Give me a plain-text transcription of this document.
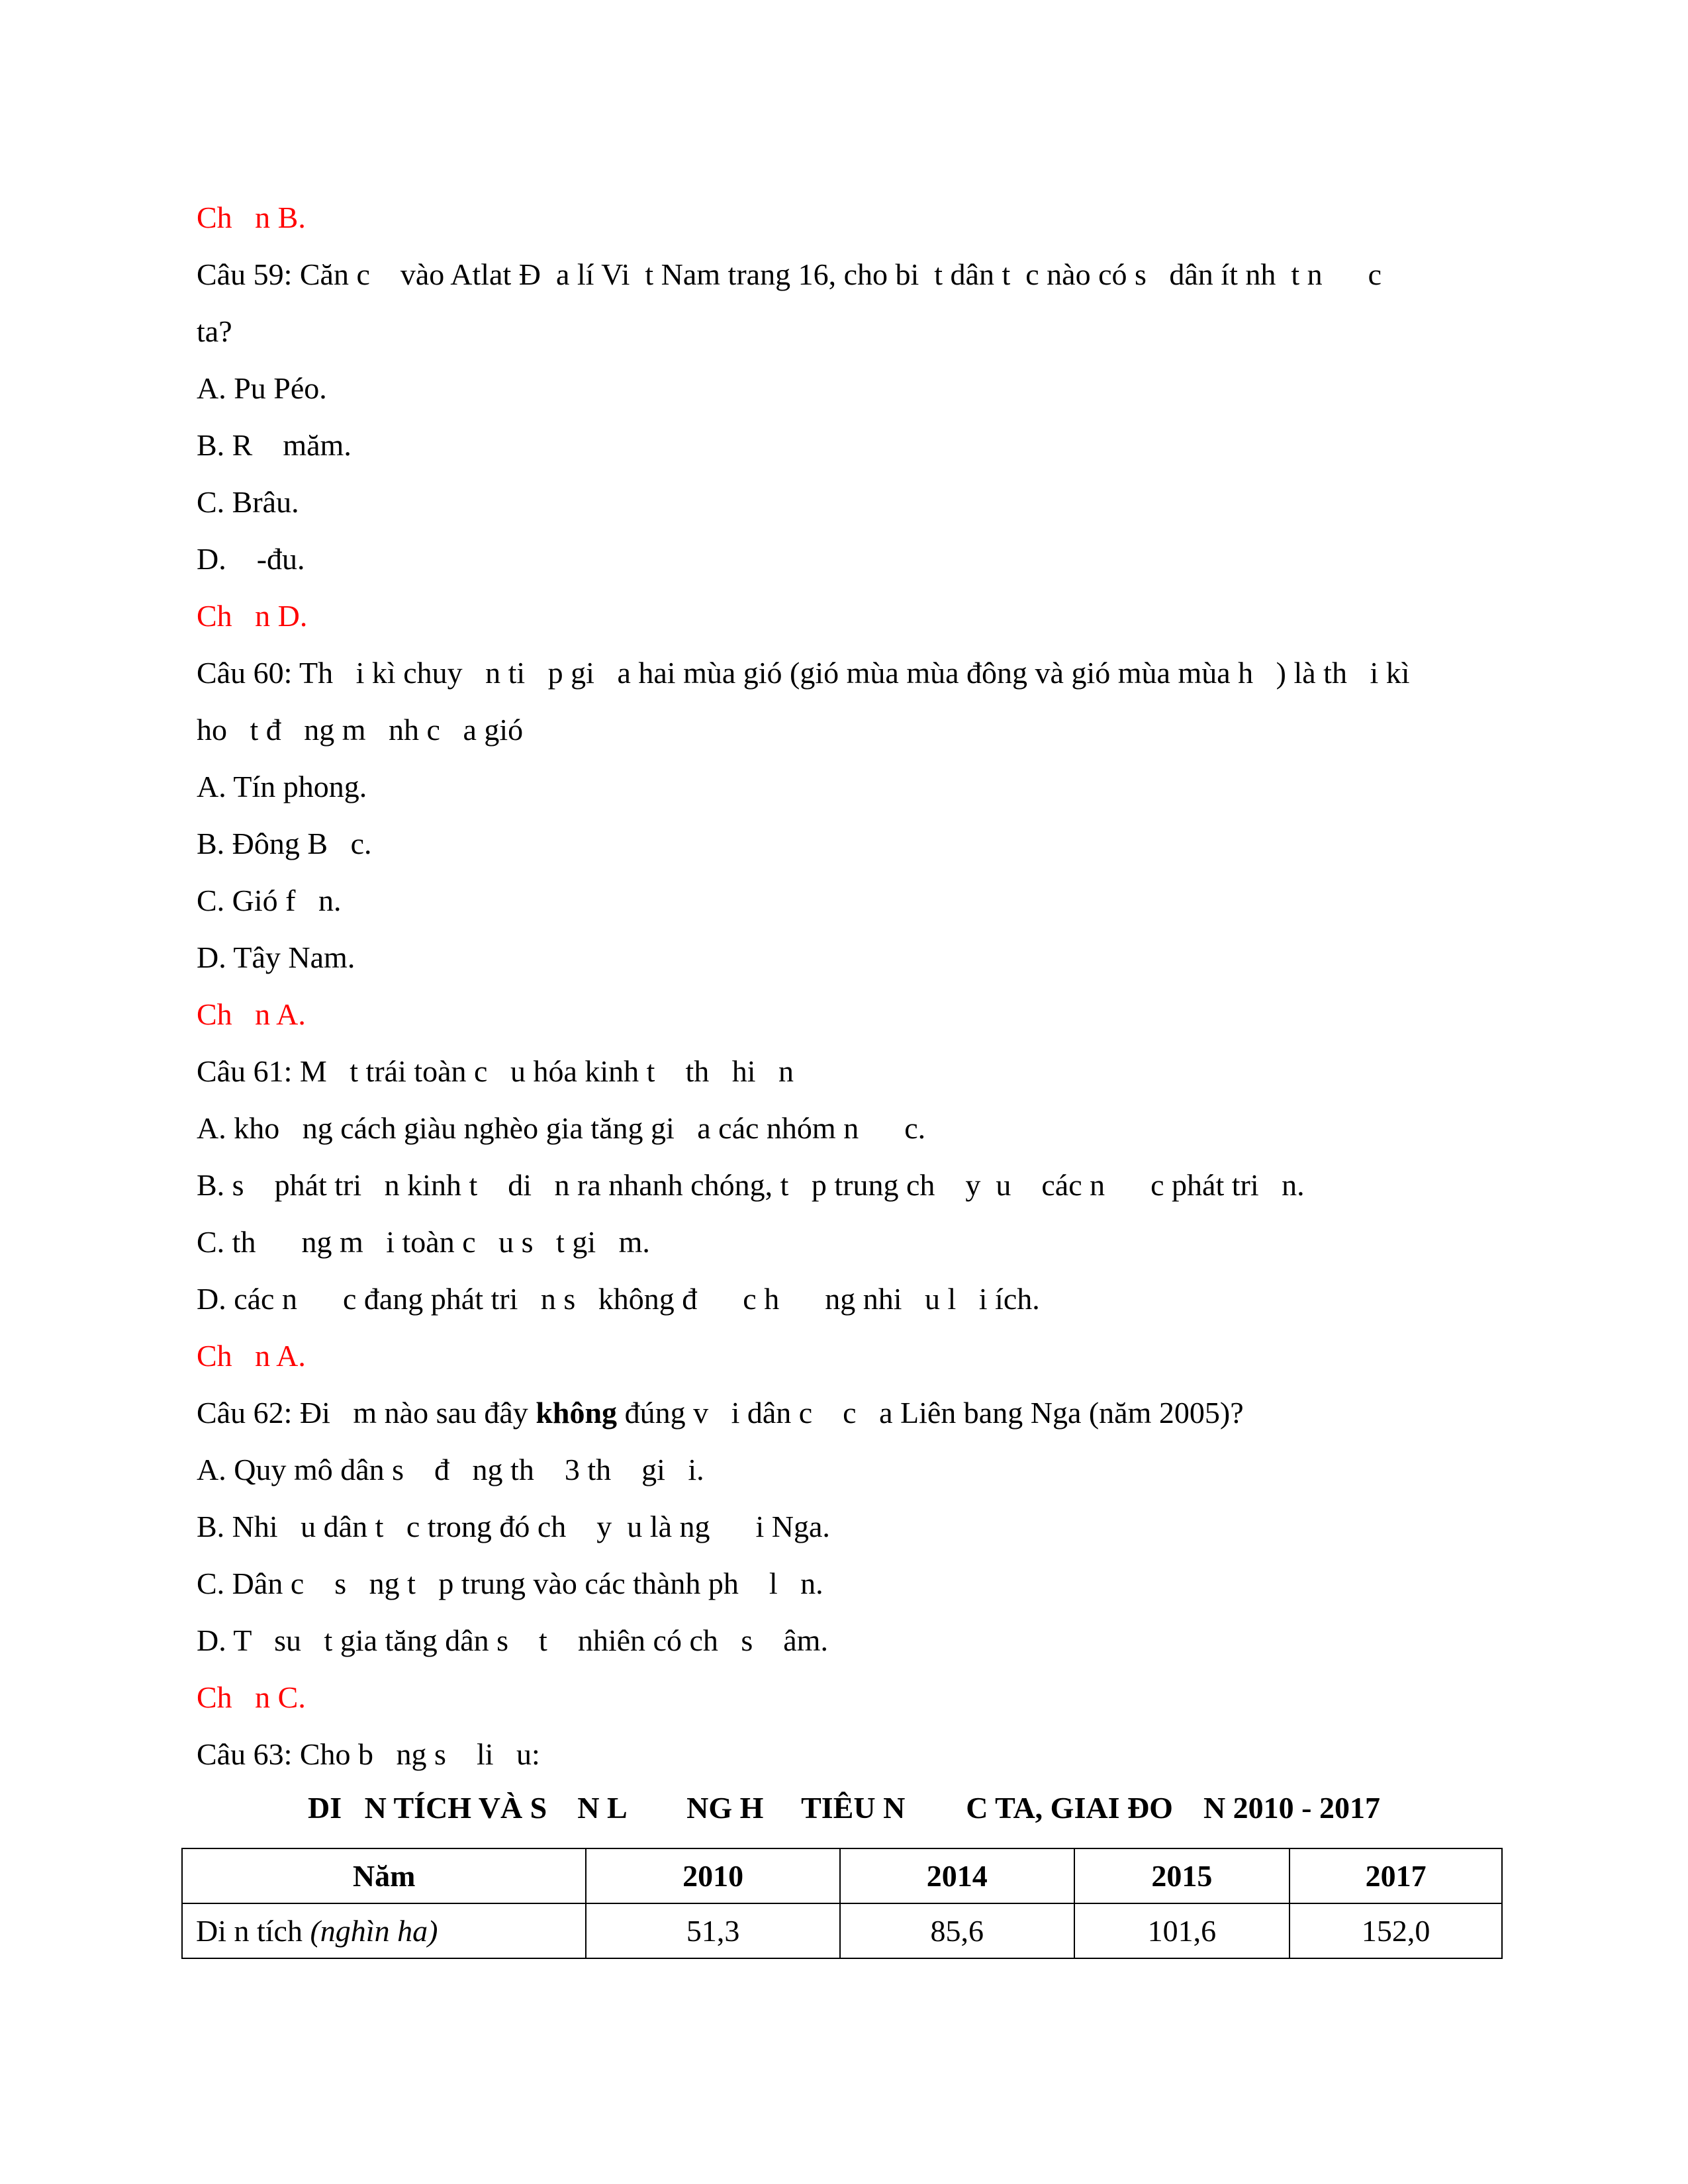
Ch   n B.
Câu 59: Căn c    vào Atlat Đ  a lí Vi  t Nam trang 16, cho bi  t dân t  c nào có s   dân ít nh  t n      c
ta?
A. Pu Péo.
B. R    măm.
C. Brâu.
D.    -đu.
Ch   n D.
Câu 60: Th   i kì chuy   n ti   p gi   a hai mùa gió (gió mùa mùa đông và gió mùa mùa h   ) là th   i kì
ho   t đ   ng m   nh c   a gió
A. Tín phong.
B. Đông B   c.
C. Gió f   n.
D. Tây Nam.
Ch   n A.
Câu 61: M   t trái toàn c   u hóa kinh t    th   hi   n
A. kho   ng cách giàu nghèo gia tăng gi   a các nhóm n      c.
B. s    phát tri   n kinh t    di   n ra nhanh chóng, t   p trung ch    y  u    các n      c phát tri   n.
C. th      ng m   i toàn c   u s   t gi   m.
D. các n      c đang phát tri   n s   không đ      c h      ng nhi   u l   i ích.
Ch   n A.
Câu 62: Đi   m nào sau đây không đúng v   i dân c    c   a Liên bang Nga (năm 2005)?
A. Quy mô dân s    đ   ng th    3 th    gi   i.
B. Nhi   u dân t   c trong đó ch    y  u là ng      i Nga.
C. Dân c    s   ng t   p trung vào các thành ph    l   n.
D. T   su   t gia tăng dân s    t    nhiên có ch   s    âm.
Ch   n C.
Câu 63: Cho b   ng s    li   u:
DI   N TÍCH VÀ S    N L        NG H     TIÊU N        C TA, GIAI ĐO    N 2010 - 2017
Năm	2010	2014	2015	2017
Di n tích (nghìn ha)	51,3	85,6	101,6	152,0
